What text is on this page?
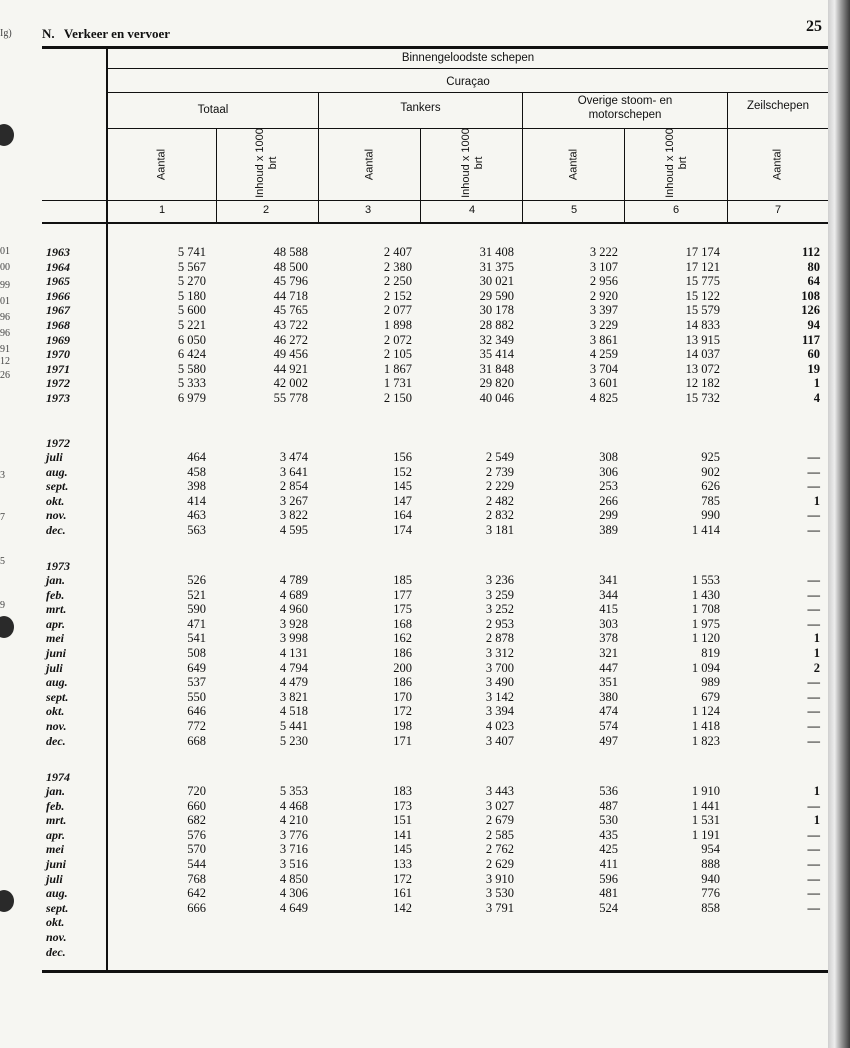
Ig)
01
00
99
01
96
96
91
12
26
3
7
5
9
N. Verkeer en vervoer	25
Binnengeloodste schepen
Curaçao
Totaal	Tankers
Overige stoom- en motorschepen
Zeilschepen
Aantal	Inhoud x 1000 brt	Aantal	Inhoud x 1000 brt	Aantal	Inhoud x 1000 brt	Aantal
1	2	3	4	5	6	7
1963	5 741	48 588	2 407	31 408	3 222	17 174	112
1964	5 567	48 500	2 380	31 375	3 107	17 121	80
1965	5 270	45 796	2 250	30 021	2 956	15 775	64
1966	5 180	44 718	2 152	29 590	2 920	15 122	108
1967	5 600	45 765	2 077	30 178	3 397	15 579	126
1968	5 221	43 722	1 898	28 882	3 229	14 833	94
1969	6 050	46 272	2 072	32 349	3 861	13 915	117
1970	6 424	49 456	2 105	35 414	4 259	14 037	60
1971	5 580	44 921	1 867	31 848	3 704	13 072	19
1972	5 333	42 002	1 731	29 820	3 601	12 182	1
1973	6 979	55 778	2 150	40 046	4 825	15 732	4
1972
juli	464	3 474	156	2 549	308	925	—
aug.	458	3 641	152	2 739	306	902	—
sept.	398	2 854	145	2 229	253	626	—
okt.	414	3 267	147	2 482	266	785	1
nov.	463	3 822	164	2 832	299	990	—
dec.	563	4 595	174	3 181	389	1 414	—
1973
jan.	526	4 789	185	3 236	341	1 553	—
feb.	521	4 689	177	3 259	344	1 430	—
mrt.	590	4 960	175	3 252	415	1 708	—
apr.	471	3 928	168	2 953	303	1 975	—
mei	541	3 998	162	2 878	378	1 120	1
juni	508	4 131	186	3 312	321	819	1
juli	649	4 794	200	3 700	447	1 094	2
aug.	537	4 479	186	3 490	351	989	—
sept.	550	3 821	170	3 142	380	679	—
okt.	646	4 518	172	3 394	474	1 124	—
nov.	772	5 441	198	4 023	574	1 418	—
dec.	668	5 230	171	3 407	497	1 823	—
1974
jan.	720	5 353	183	3 443	536	1 910	1
feb.	660	4 468	173	3 027	487	1 441	—
mrt.	682	4 210	151	2 679	530	1 531	1
apr.	576	3 776	141	2 585	435	1 191	—
mei	570	3 716	145	2 762	425	954	—
juni	544	3 516	133	2 629	411	888	—
juli	768	4 850	172	3 910	596	940	—
aug.	642	4 306	161	3 530	481	776	—
sept.	666	4 649	142	3 791	524	858	—
okt.
nov.
dec.
